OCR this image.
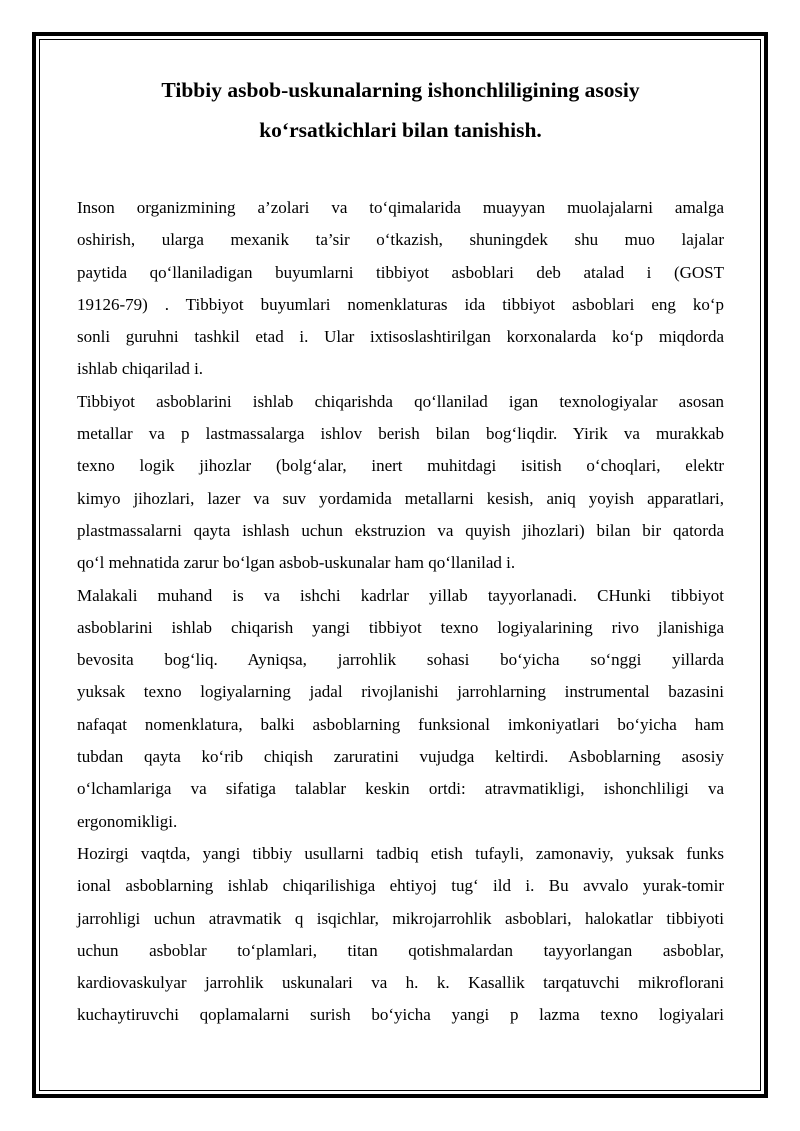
Tibbiy asbob-uskunalarning ishonchliligining asosiy
ko‘rsatkichlari bilan tanishish.

Inson organizmining a’zolari va to‘qimalarida muayyan muolajalarni amalga
oshirish, ularga mexanik ta’sir o‘tkazish, shuningdek shu muo lajalar
paytida qo‘llaniladigan buyumlarni tibbiyot asboblari deb atalad i (GOST
19126-79) . Tibbiyot buyumlari nomenklaturas ida tibbiyot asboblari eng ko‘p
sonli guruhni tashkil etad i. Ular ixtisoslashtirilgan korxonalarda ko‘p miqdorda
ishlab chiqarilad i.

Tibbiyot asboblarini ishlab chiqarishda qo‘llanilad igan texnologiyalar asosan
metallar va p lastmassalarga ishlov berish bilan bog‘liqdir. Yirik va murakkab
texno logik jihozlar (bolg‘alar, inert muhitdagi isitish o‘choqlari, elektr
kimyo jihozlari, lazer va suv yordamida metallarni kesish, aniq yoyish apparatlari,
plastmassalarni qayta ishlash uchun ekstruzion va quyish jihozlari) bilan bir qatorda
qo‘l mehnatida zarur bo‘lgan asbob-uskunalar ham qo‘llanilad i.

Malakali muhand is va ishchi kadrlar yillab tayyorlanadi. CHunki tibbiyot
asboblarini ishlab chiqarish yangi tibbiyot texno logiyalarining rivo jlanishiga
bevosita bog‘liq. Ayniqsa, jarrohlik sohasi bo‘yicha so‘nggi yillarda
yuksak texno logiyalarning jadal rivojlanishi jarrohlarning instrumental bazasini
nafaqat nomenklatura, balki asboblarning funksional imkoniyatlari bo‘yicha ham
tubdan qayta ko‘rib chiqish zaruratini vujudga keltirdi. Asboblarning asosiy
o‘lchamlariga va sifatiga talablar keskin ortdi: atravmatikligi, ishonchliligi va
ergonomikligi.

Hozirgi vaqtda, yangi tibbiy usullarni tadbiq etish tufayli, zamonaviy, yuksak funks
ional asboblarning ishlab chiqarilishiga ehtiyoj tug‘ ild i. Bu avvalo yurak-tomir
jarrohligi uchun atravmatik q isqichlar, mikrojarrohlik asboblari, halokatlar tibbiyoti
uchun asboblar to‘plamlari, titan qotishmalardan tayyorlangan asboblar,
kardiovaskulyar jarrohlik uskunalari va h. k. Kasallik tarqatuvchi mikroflorani
kuchaytiruvchi qoplamalarni surish bo‘yicha yangi p lazma texno logiyalari
